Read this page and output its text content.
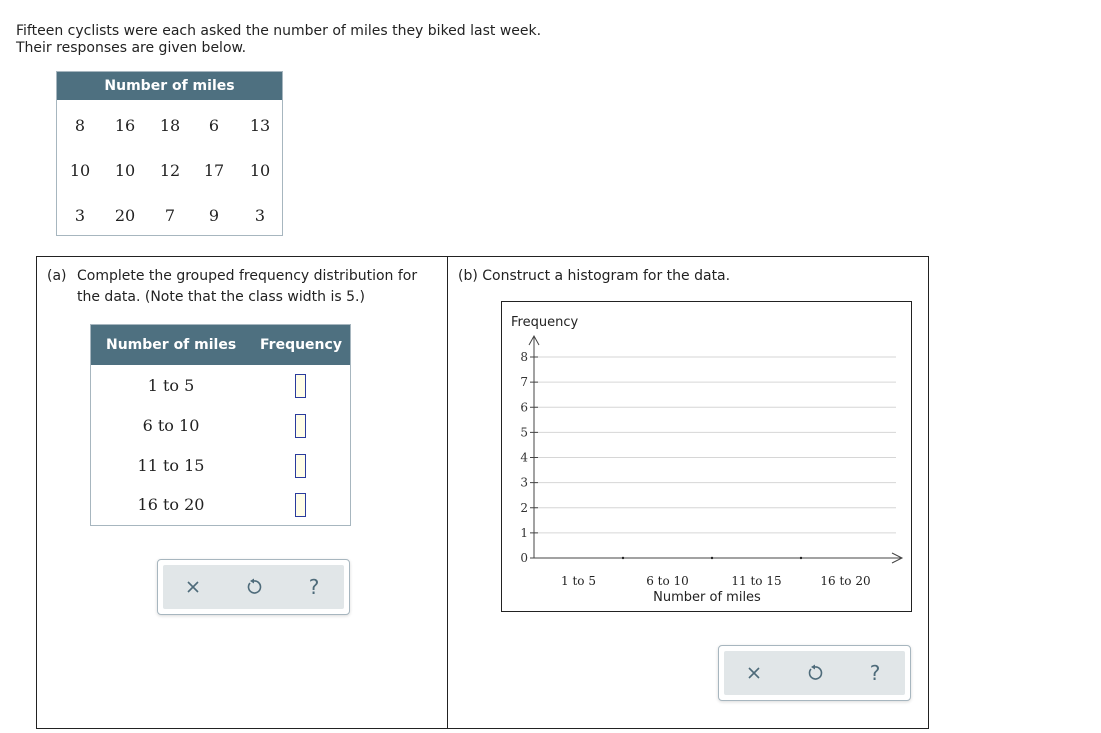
Fifteen cyclists were each asked the number of miles they biked last week.
Their responses are given below.
Number of miles
8	16	18	6	13
10	10	12	17	10
3	20	7	9	3
(a) Complete the grouped frequency distribution for the data. (Note that the class width is 5.)
Number of miles Frequency
1 to 5
6 to 10
11 to 15
16 to 20
?
(b) Construct a histogram for the data.
0
1
2
3
4
5
6
7
8
1 to 5	6 to 10	11 to 15	16 to 20
Frequency
Number of miles
?
